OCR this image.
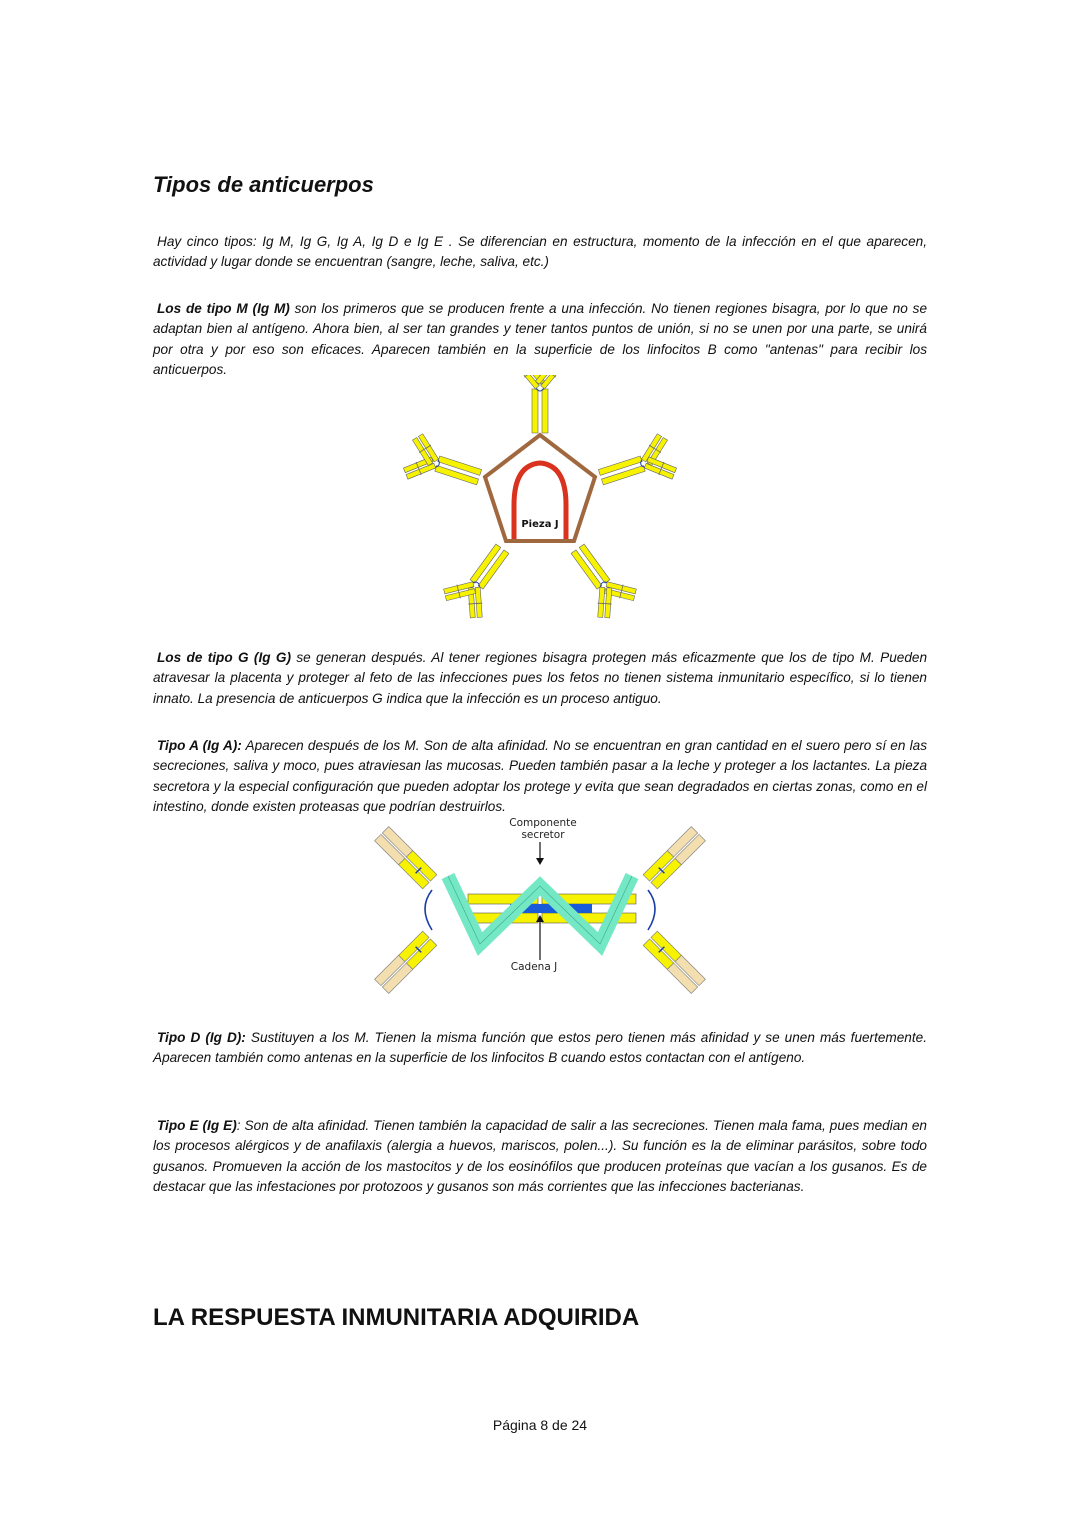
Tipos de anticuerpos

Hay cinco tipos: Ig M, Ig G, Ig A, Ig D e Ig E . Se diferencian en estructura, momento de la infección en el que aparecen, actividad y lugar donde se encuentran (sangre, leche, saliva, etc.)

Los de tipo M (Ig M) son los primeros que se producen frente a una infección. No tienen regiones bisagra, por lo que no se adaptan bien al antígeno. Ahora bien, al ser tan grandes y tener tantos puntos de unión, si no se unen por una parte, se unirá por otra y por eso son eficaces. Aparecen también en la superficie de los linfocitos B como "antenas" para recibir los anticuerpos.

Pieza J

Los de tipo G (Ig G) se generan después. Al tener regiones bisagra protegen más eficazmente que los de tipo M. Pueden atravesar la placenta y proteger al feto de las infecciones pues los fetos no tienen sistema inmunitario específico, si lo tienen innato. La presencia de anticuerpos G indica que la infección es un proceso antiguo.

Tipo A (Ig A): Aparecen después de los M. Son de alta afinidad. No se encuentran en gran cantidad en el suero pero sí en las secreciones, saliva y moco, pues atraviesan las mucosas. Pueden también pasar a la leche y proteger a los lactantes. La pieza secretora y la especial configuración que pueden adoptar los protege y evita que sean degradados en ciertas zonas, como en el intestino, donde existen proteasas que podrían destruirlos.

Componente
secretor
Cadena J

Tipo D (Ig D): Sustituyen a los M. Tienen la misma función que estos pero tienen más afinidad y se unen más fuertemente. Aparecen también como antenas en la superficie de los linfocitos B cuando estos contactan con el antígeno.

Tipo E (Ig E): Son de alta afinidad. Tienen también la capacidad de salir a las secreciones. Tienen mala fama, pues median en los procesos alérgicos y de anafilaxis (alergia a huevos, mariscos, polen...). Su función es la de eliminar parásitos, sobre todo gusanos. Promueven la acción de los mastocitos y de los eosinófilos que producen proteínas que vacían a los gusanos. Es de destacar que las infestaciones por protozoos y gusanos son más corrientes que las infecciones bacterianas.

LA RESPUESTA INMUNITARIA ADQUIRIDA
Página 8 de 24
